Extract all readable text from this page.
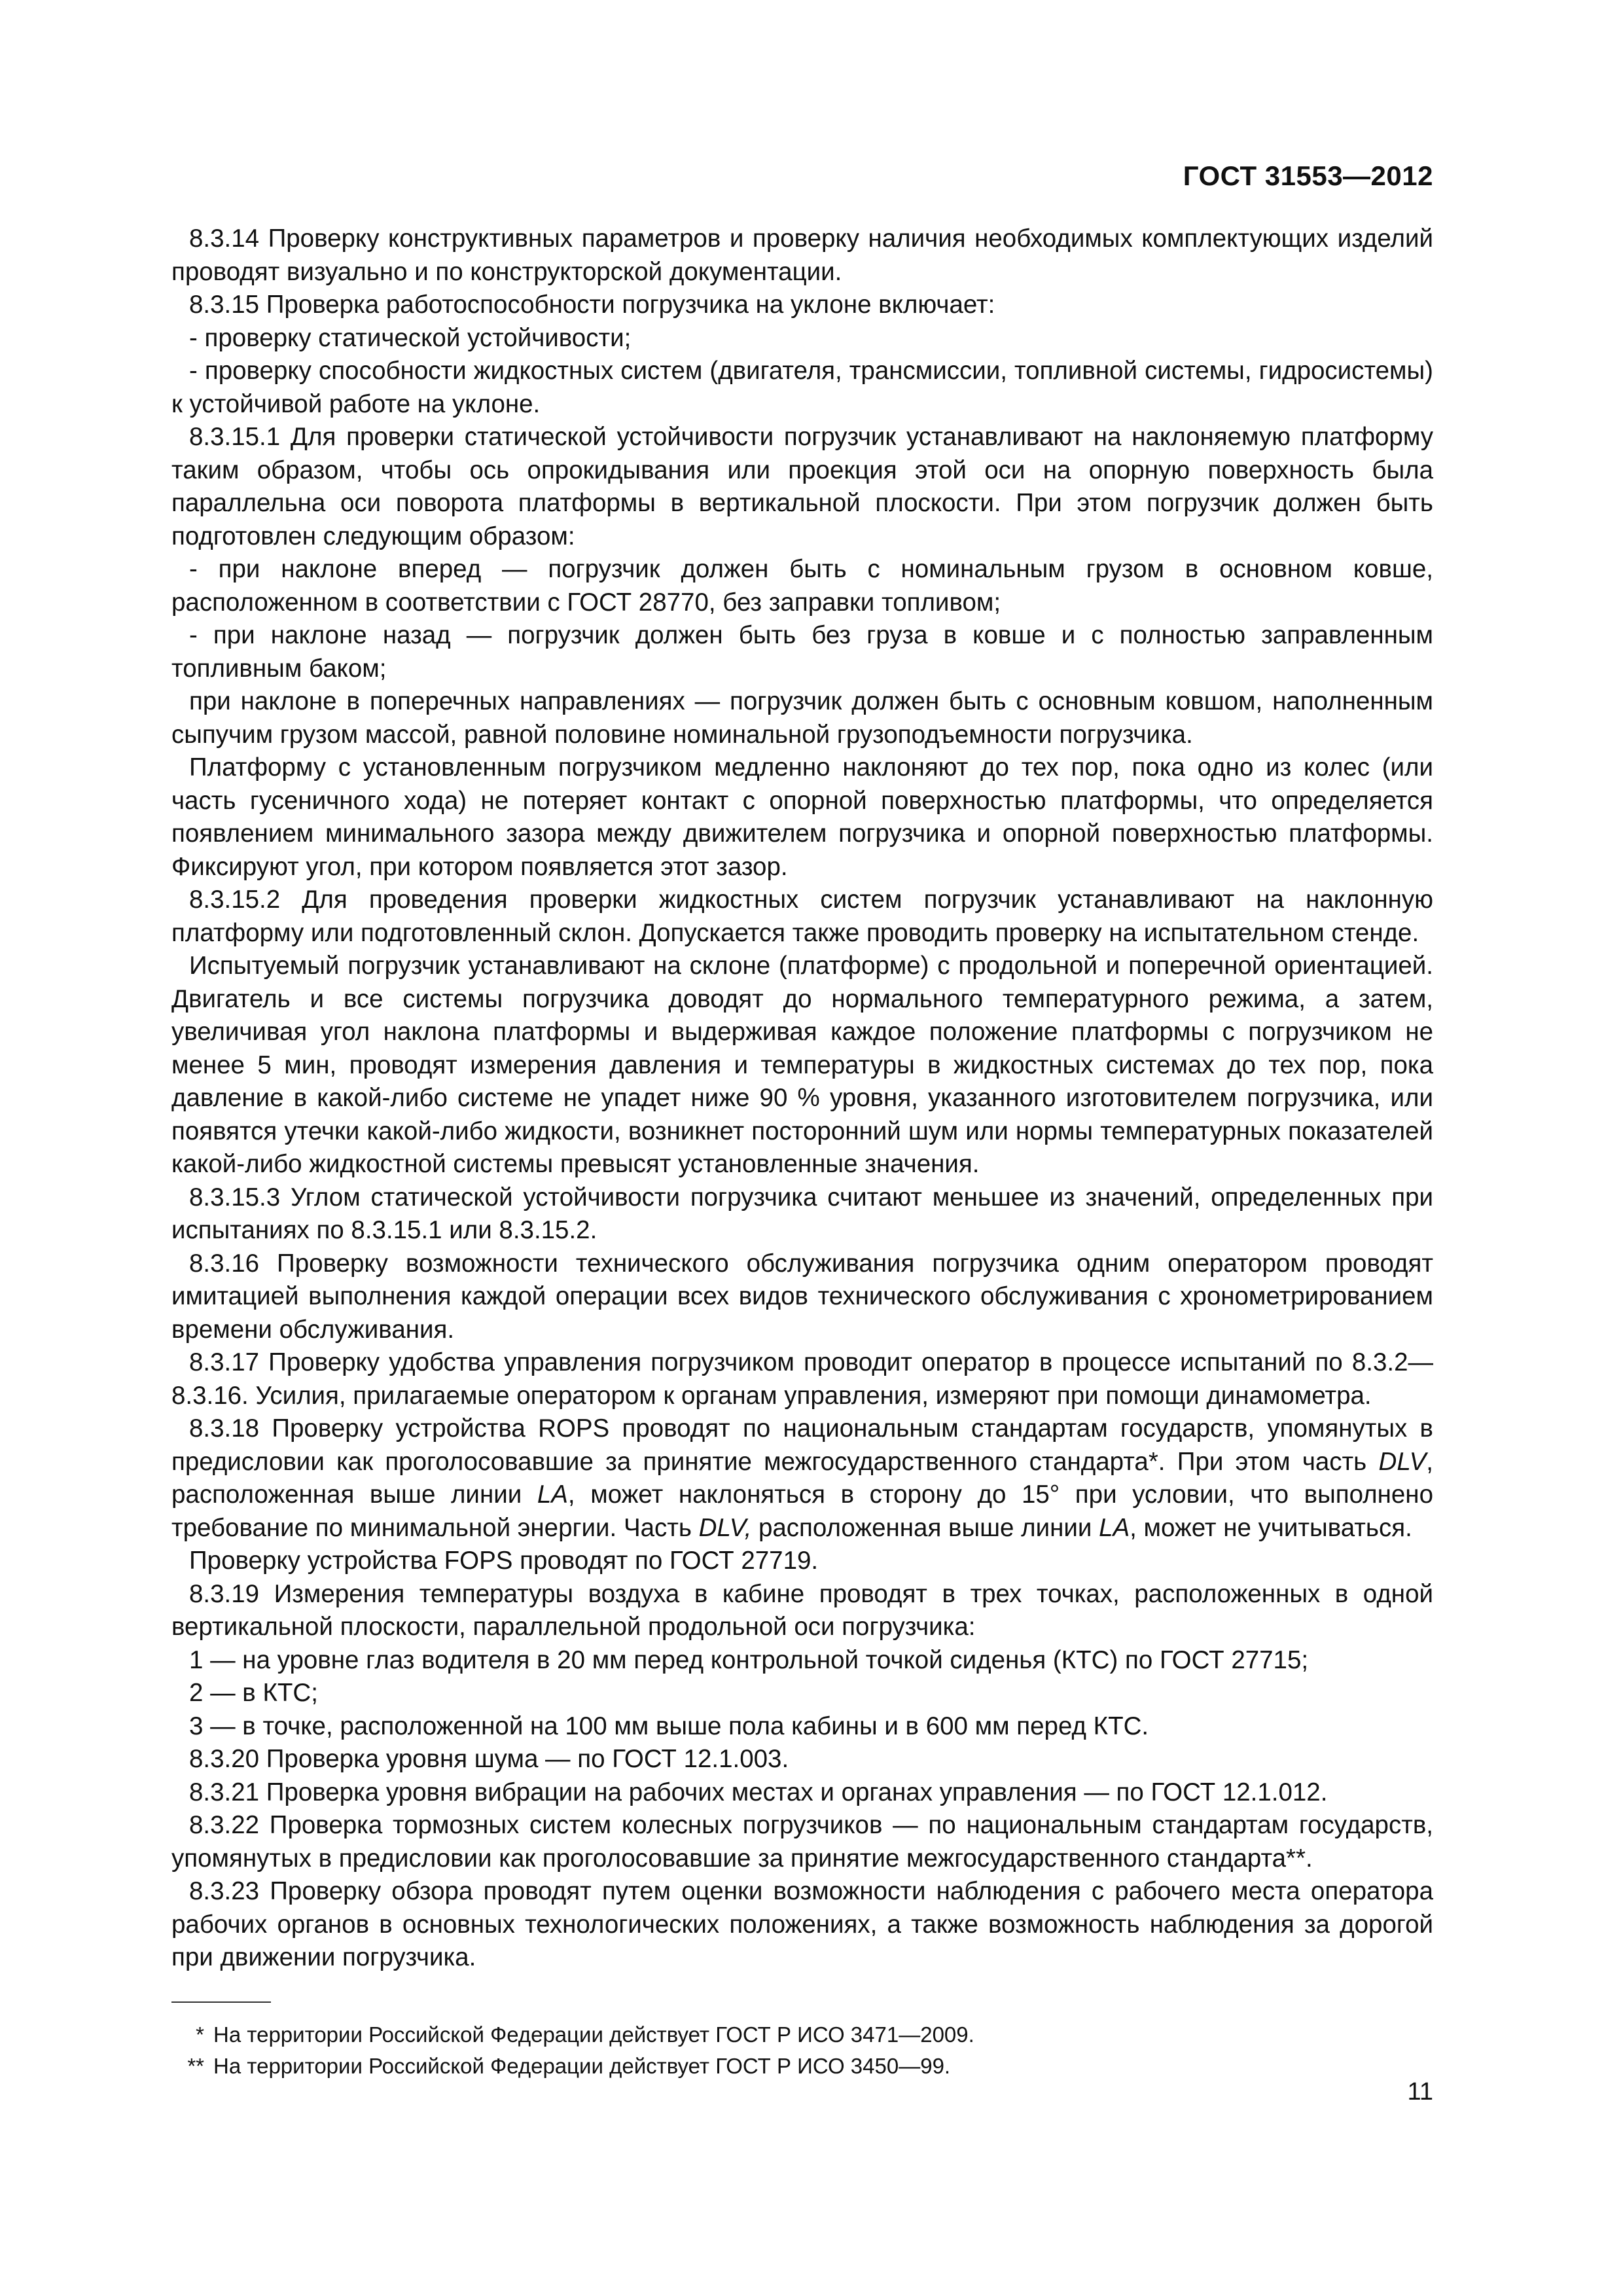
ГОСТ 31553—2012

8.3.14 Проверку конструктивных параметров и проверку наличия необходимых комплектующих изделий проводят визуально и по конструкторской документации.

8.3.15 Проверка работоспособности погрузчика на уклоне включает:

- проверку статической устойчивости;

- проверку способности жидкостных систем (двигателя, трансмиссии, топливной системы, гидросистемы) к устойчивой работе на уклоне.

8.3.15.1 Для проверки статической устойчивости погрузчик устанавливают на наклоняемую платформу таким образом, чтобы ось опрокидывания или проекция этой оси на опорную поверхность была параллельна оси поворота платформы в вертикальной плоскости. При этом погрузчик должен быть подготовлен следующим образом:

- при наклоне вперед — погрузчик должен быть с номинальным грузом в основном ковше, расположенном в соответствии с ГОСТ 28770, без заправки топливом;

- при наклоне назад — погрузчик должен быть без груза в ковше и с полностью заправленным топливным баком;

при наклоне в поперечных направлениях — погрузчик должен быть с основным ковшом, наполненным сыпучим грузом массой, равной половине номинальной грузоподъемности погрузчика.

Платформу с установленным погрузчиком медленно наклоняют до тех пор, пока одно из колес (или часть гусеничного хода) не потеряет контакт с опорной поверхностью платформы, что определяется появлением минимального зазора между движителем погрузчика и опорной поверхностью платформы. Фиксируют угол, при котором появляется этот зазор.

8.3.15.2 Для проведения проверки жидкостных систем погрузчик устанавливают на наклонную платформу или подготовленный склон. Допускается также проводить проверку на испытательном стенде.

Испытуемый погрузчик устанавливают на склоне (платформе) с продольной и поперечной ориентацией. Двигатель и все системы погрузчика доводят до нормального температурного режима, а затем, увеличивая угол наклона платформы и выдерживая каждое положение платформы с погрузчиком не менее 5 мин, проводят измерения давления и температуры в жидкостных системах до тех пор, пока давление в какой-либо системе не упадет ниже 90 % уровня, указанного изготовителем погрузчика, или появятся утечки какой-либо жидкости, возникнет посторонний шум или нормы температурных показателей какой-либо жидкостной системы превысят установленные значения.

8.3.15.3 Углом статической устойчивости погрузчика считают меньшее из значений, определенных при испытаниях по 8.3.15.1 или 8.3.15.2.

8.3.16 Проверку возможности технического обслуживания погрузчика одним оператором проводят имитацией выполнения каждой операции всех видов технического обслуживания с хронометрированием времени обслуживания.

8.3.17 Проверку удобства управления погрузчиком проводит оператор в процессе испытаний по 8.3.2—8.3.16. Усилия, прилагаемые оператором к органам управления, измеряют при помощи динамометра.

8.3.18 Проверку устройства ROPS проводят по национальным стандартам государств, упомянутых в предисловии как проголосовавшие за принятие межгосударственного стандарта*. При этом часть DLV, расположенная выше линии LA, может наклоняться в сторону до 15° при условии, что выполнено требование по минимальной энергии. Часть DLV, расположенная выше линии LA, может не учитываться.

Проверку устройства FOPS проводят по ГОСТ 27719.

8.3.19 Измерения температуры воздуха в кабине проводят в трех точках, расположенных в одной вертикальной плоскости, параллельной продольной оси погрузчика:

1 — на уровне глаз водителя в 20 мм перед контрольной точкой сиденья (КТС) по ГОСТ 27715;

2 — в КТС;

3 — в точке, расположенной на 100 мм выше пола кабины и в 600 мм перед КТС.

8.3.20 Проверка уровня шума — по ГОСТ 12.1.003.

8.3.21 Проверка уровня вибрации на рабочих местах и органах управления — по ГОСТ 12.1.012.

8.3.22 Проверка тормозных систем колесных погрузчиков — по национальным стандартам государств, упомянутых в предисловии как проголосовавшие за принятие межгосударственного стандарта**.

8.3.23 Проверку обзора проводят путем оценки возможности наблюдения с рабочего места оператора рабочих органов в основных технологических положениях, а также возможность наблюдения за дорогой при движении погрузчика.

* На территории Российской Федерации действует ГОСТ Р ИСО 3471—2009.

** На территории Российской Федерации действует ГОСТ Р ИСО 3450—99.

11
